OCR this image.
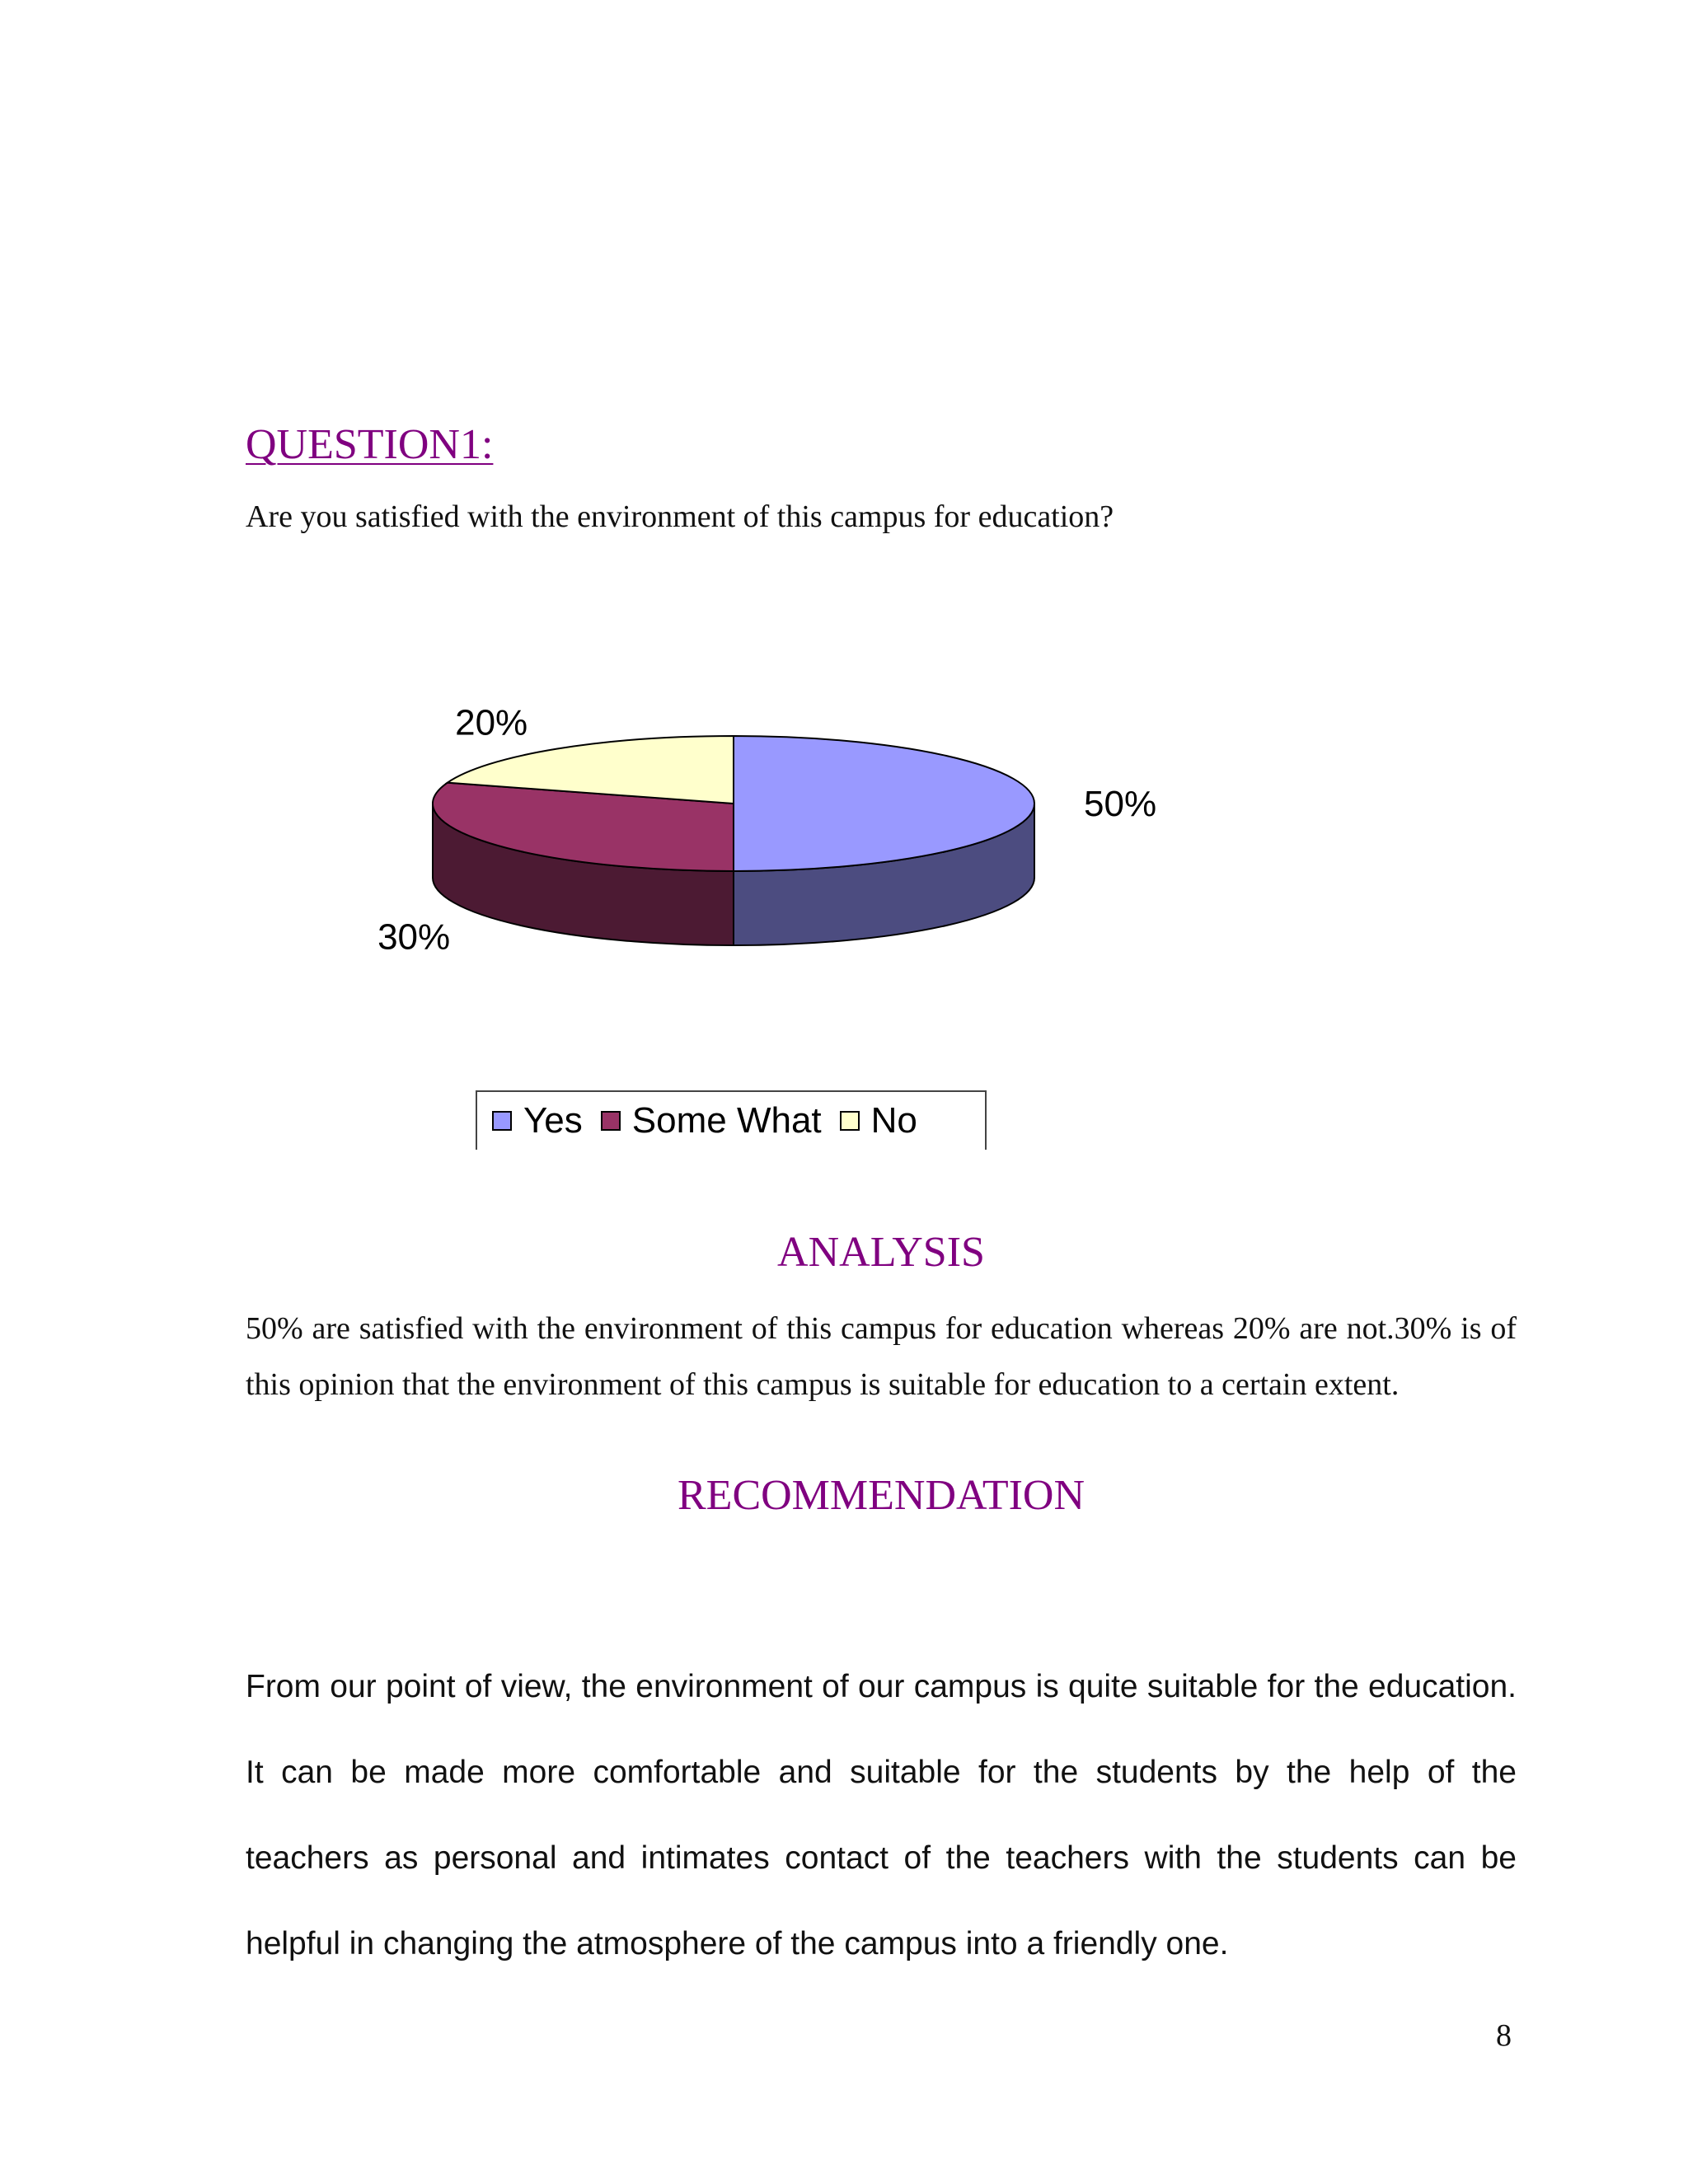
QUESTION1:

Are you satisfied with the environment of this campus for education?

50%
30%
20%
Yes Some What No
ANALYSIS

50% are satisfied with the environment of this campus for education whereas 20% are not.30% is of this opinion that the environment of this campus is suitable for education to a certain extent.

RECOMMENDATION

From our point of view, the environment of our campus is quite suitable for the education. It can be made more comfortable and suitable for the students by the help of the teachers as personal and intimates contact of the teachers with the students can be helpful in changing the atmosphere of the campus into a friendly one.

8
